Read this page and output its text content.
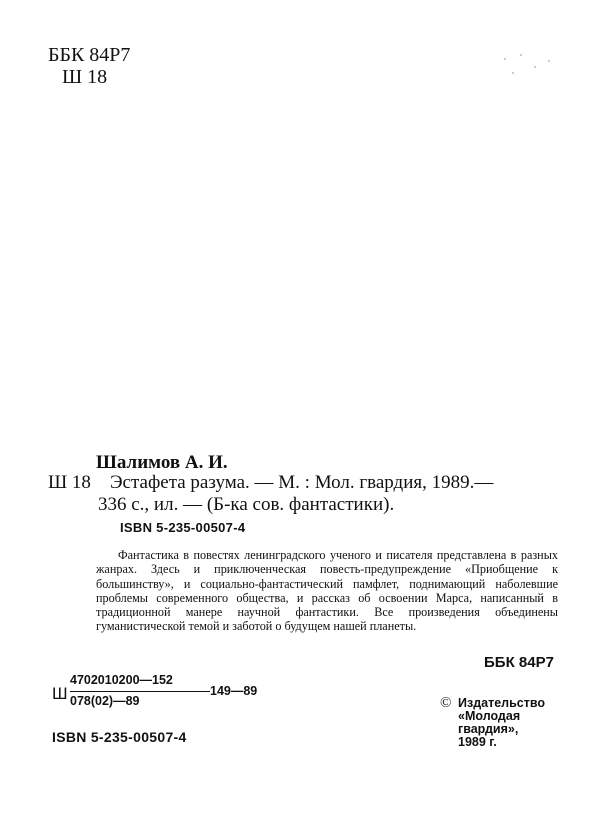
ББК 84Р7
Ш 18
Шалимов А. И.
Ш 18 Эстафета разума. — М. : Мол. гвардия, 1989.—
336 с., ил. — (Б-ка сов. фантастики).
ISBN 5-235-00507-4
Фантастика в повестях ленинградского ученого и писателя представлена в разных жанрах. Здесь и приключенческая повесть-предупреждение «Приобщение к большинству», и социально-фантастический памфлет, поднимающий наболевшие проблемы современного общества, и рассказ об освоении Марса, написанный в традиционной манере научной фантастики. Все произведения объединены гуманистической темой и заботой о будущем нашей планеты.
ББК 84Р7
Ш
4702010200—152
078(02)—89
149—89
© Издательство «Молодая гвардия»,
1989 г.
ISBN 5-235-00507-4
